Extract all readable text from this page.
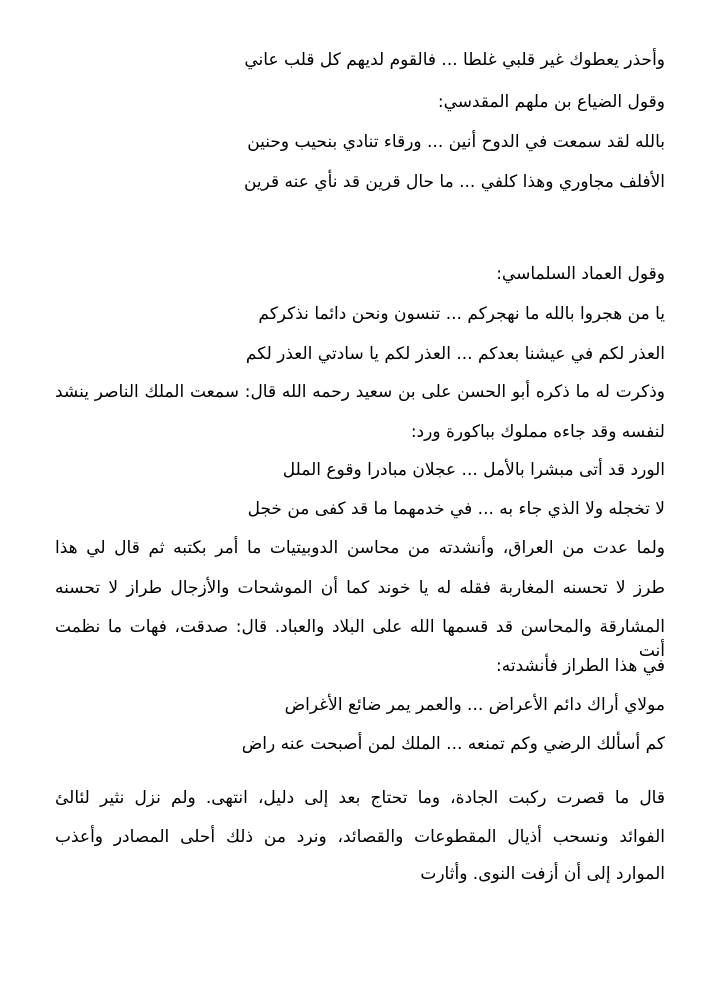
وأحذر يعطوك غير قلبي غلطا ... فالقوم لديهم كل قلب عاني
وقول الضياع بن ملهم المقدسي:
بالله لقد سمعت في الدوح أنين ... ورقاء تنادي بنحيب وحنين
الأفلف مجاوري وهذا كلفي ... ما حال قرين قد نأي عنه قرين
وقول العماد السلماسي:
يا من هجروا بالله ما نهجركم ... تنسون ونحن دائما نذكركم
العذر لكم في عيشنا بعدكم ... العذر لكم يا سادتي العذر لكم
وذكرت له ما ذكره أبو الحسن على بن سعيد رحمه الله قال: سمعت الملك الناصر ينشد
لنفسه وقد جاءه مملوك بباكورة ورد:
الورد قد أتى مبشرا بالأمل ... عجلان مبادرا وقوع الملل
لا تخجله ولا الذي جاء به ... في خدمهما ما قد كفى من خجل
ولما عدت من العراق، وأنشدته من محاسن الدوبيتيات ما أمر بكتبه ثم قال لي هذا
طرز لا تحسنه المغاربة فقله له يا خوند كما أن الموشحات والأزجال طراز لا تحسنه
المشارقة والمحاسن قد قسمها الله على البلاد والعباد. قال: صدقت، فهات ما نظمت أنت
في هذا الطراز فأنشدته:
مولاي أراك دائم الأعراض ... والعمر يمر ضائع الأغراض
كم أسألك الرضي وكم تمنعه ... الملك لمن أصبحت عنه راض
قال ما قصرت ركبت الجادة، وما تحتاج بعد إلى دليل، انتهى. ولم نزل نثير لئالئ
الفوائد ونسحب أذيال المقطوعات والقصائد، ونرد من ذلك أحلى المصادر وأعذب
الموارد إلى أن أزفت النوى. وأثارت
